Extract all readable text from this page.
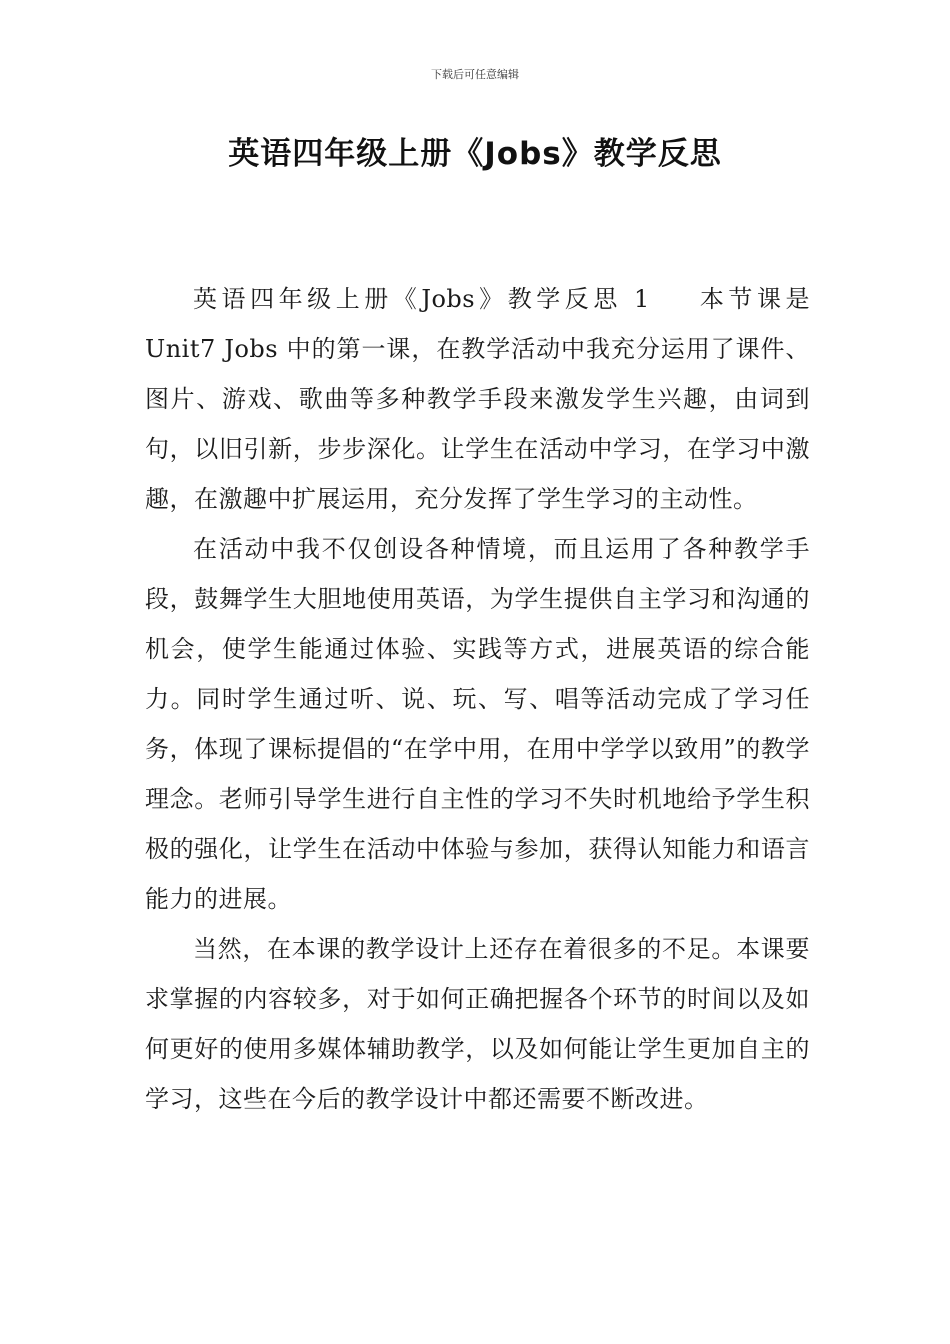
下载后可任意编辑
英语四年级上册《Jobs》教学反思

英语四年级上册《Jobs》教学反思 1 本节课是 Unit7 Jobs 中的第一课，在教学活动中我充分运用了课件、图片、游戏、歌曲等多种教学手段来激发学生兴趣，由词到句，以旧引新，步步深化。让学生在活动中学习，在学习中激趣，在激趣中扩展运用，充分发挥了学生学习的主动性。

在活动中我不仅创设各种情境，而且运用了各种教学手段，鼓舞学生大胆地使用英语，为学生提供自主学习和沟通的机会，使学生能通过体验、实践等方式，进展英语的综合能力。同时学生通过听、说、玩、写、唱等活动完成了学习任务，体现了课标提倡的“在学中用，在用中学学以致用”的教学理念。老师引导学生进行自主性的学习不失时机地给予学生积极的强化，让学生在活动中体验与参加，获得认知能力和语言能力的进展。

当然，在本课的教学设计上还存在着很多的不足。本课要求掌握的内容较多，对于如何正确把握各个环节的时间以及如何更好的使用多媒体辅助教学，以及如何能让学生更加自主的学习，这些在今后的教学设计中都还需要不断改进。
